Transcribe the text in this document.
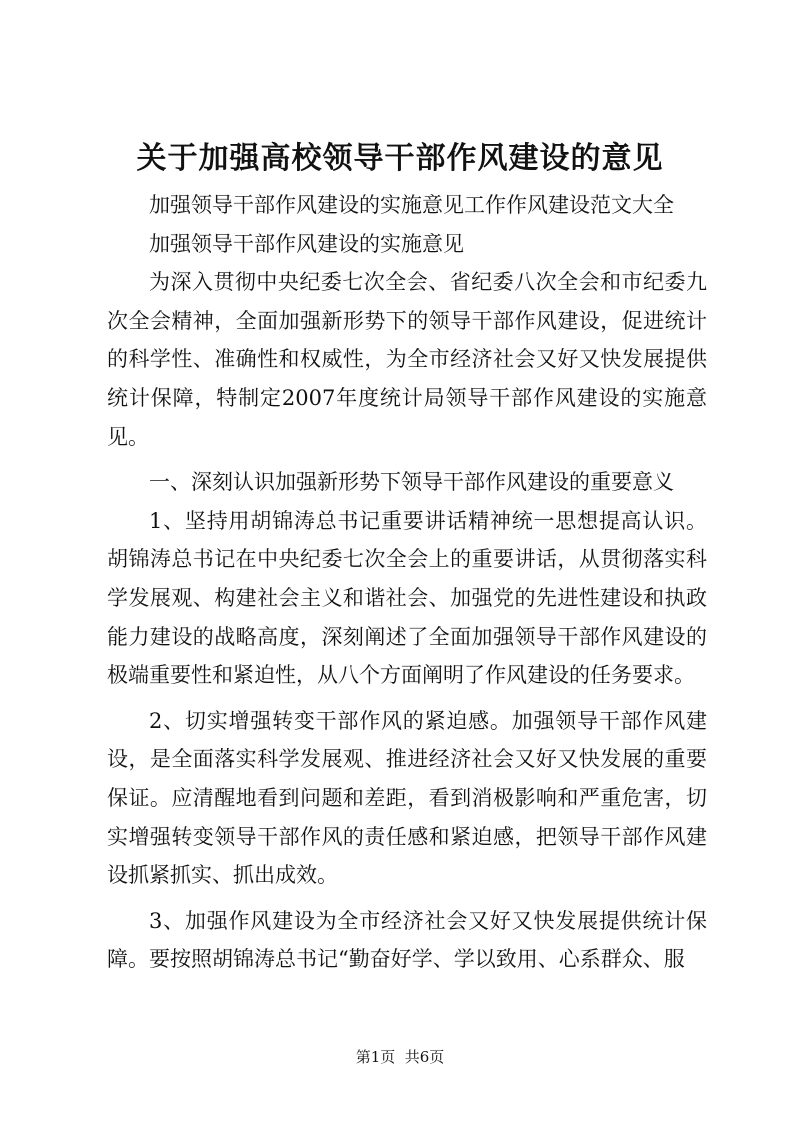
关于加强高校领导干部作风建设的意见

加强领导干部作风建设的实施意见工作作风建设范文大全

加强领导干部作风建设的实施意见

为深入贯彻中央纪委七次全会、省纪委八次全会和市纪委九次全会精神，全面加强新形势下的领导干部作风建设，促进统计的科学性、准确性和权威性，为全市经济社会又好又快发展提供统计保障，特制定2007年度统计局领导干部作风建设的实施意见。

一、深刻认识加强新形势下领导干部作风建设的重要意义

1、坚持用胡锦涛总书记重要讲话精神统一思想提高认识。胡锦涛总书记在中央纪委七次全会上的重要讲话，从贯彻落实科学发展观、构建社会主义和谐社会、加强党的先进性建设和执政能力建设的战略高度，深刻阐述了全面加强领导干部作风建设的极端重要性和紧迫性，从八个方面阐明了作风建设的任务要求。

2、切实增强转变干部作风的紧迫感。加强领导干部作风建设，是全面落实科学发展观、推进经济社会又好又快发展的重要保证。应清醒地看到问题和差距，看到消极影响和严重危害，切实增强转变领导干部作风的责任感和紧迫感，把领导干部作风建设抓紧抓实、抓出成效。

3、加强作风建设为全市经济社会又好又快发展提供统计保障。要按照胡锦涛总书记“勤奋好学、学以致用、心系群众、服

第1页  共6页
